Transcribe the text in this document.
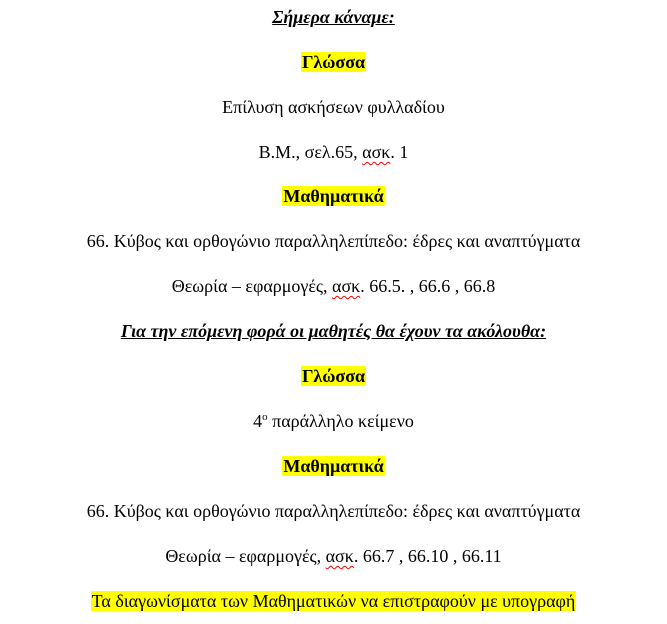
Σήμερα κάναμε:
Γλώσσα
Επίλυση ασκήσεων φυλλαδίου
Β.Μ., σελ.65, ασκ. 1
Μαθηματικά
66. Κύβος και ορθογώνιο παραλληλεπίπεδο: έδρες και αναπτύγματα
Θεωρία – εφαρμογές, ασκ. 66.5. , 66.6 , 66.8
Για την επόμενη φορά οι μαθητές θα έχουν τα ακόλουθα:
Γλώσσα
$4^o$ παράλληλο κείμενο
Μαθηματικά
66. Κύβος και ορθογώνιο παραλληλεπίπεδο: έδρες και αναπτύγματα
Θεωρία – εφαρμογές, ασκ. 66.7 , 66.10 , 66.11
Τα διαγωνίσματα των Μαθηματικών να επιστραφούν με υπογραφή
